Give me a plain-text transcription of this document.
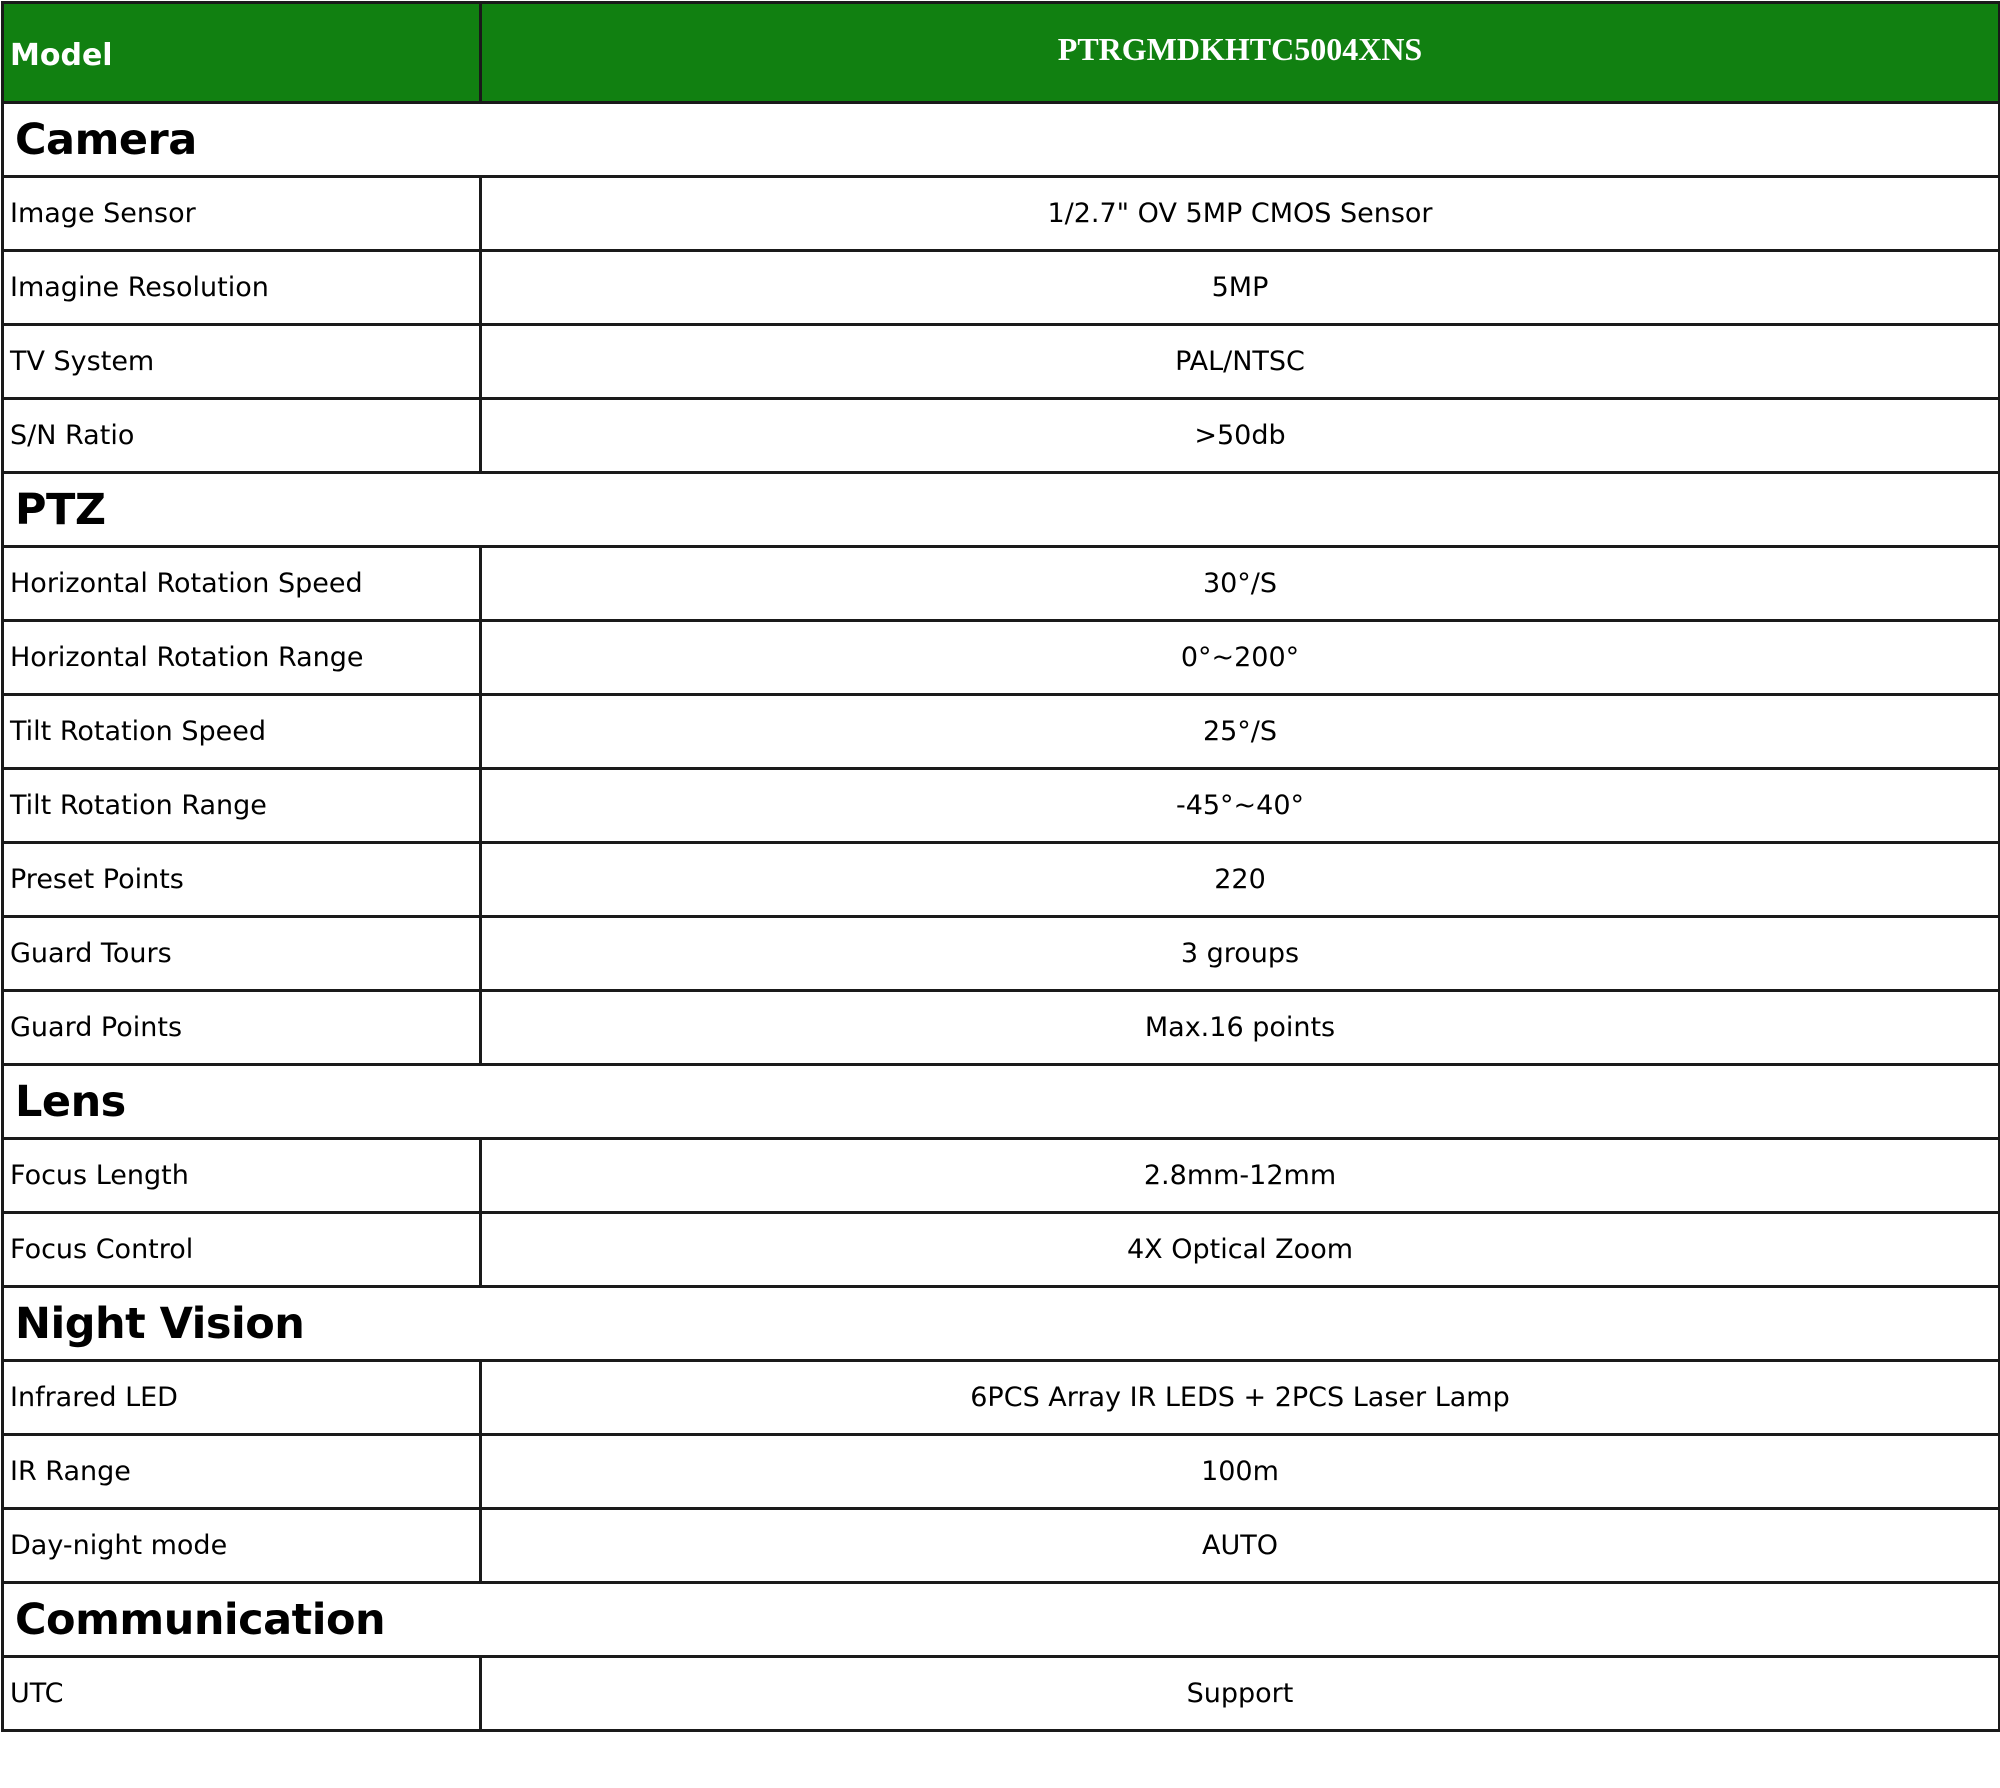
Model	PTRGMDKHTC5004XNS
Camera	
Image Sensor	1/2.7" OV 5MP CMOS Sensor
Imagine Resolution	5MP
TV System	PAL/NTSC
S/N Ratio	>50db
PTZ	
Horizontal Rotation Speed	30°/S
Horizontal Rotation Range	0°~200°
Tilt Rotation Speed	25°/S
Tilt Rotation Range	-45°~40°
Preset Points	220
Guard Tours	3 groups
Guard Points	Max.16 points
Lens	
Focus Length	2.8mm-12mm
Focus Control	4X Optical Zoom
Night Vision	
Infrared LED	6PCS Array IR LEDS + 2PCS Laser Lamp
IR Range	100m
Day-night mode	AUTO
Communication	
UTC	Support
